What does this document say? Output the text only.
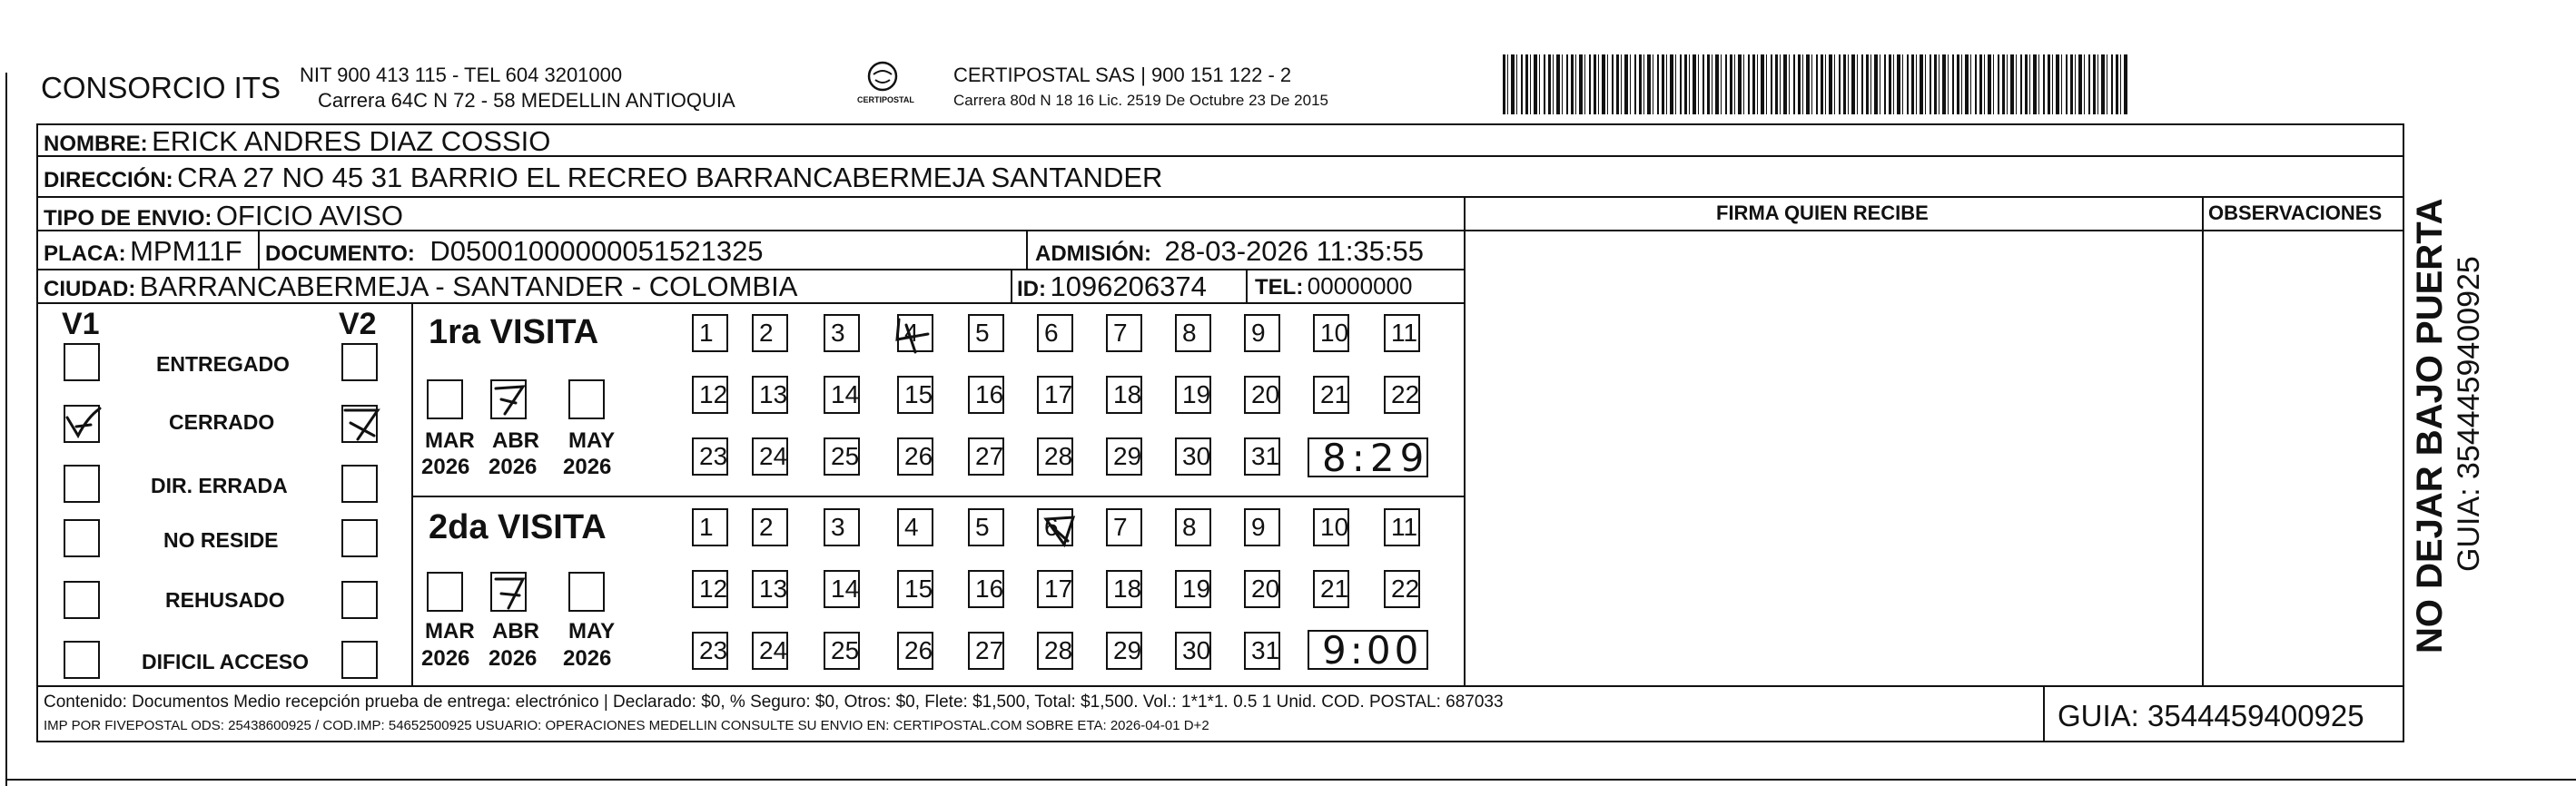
CONSORCIO ITS NIT 900 413 115 - TEL 604 3201000
Carrera 64C N 72 - 58 MEDELLIN ANTIOQUIA	CERTIPOSTAL
CERTIPOSTAL SAS | 900 151 122 - 2
Carrera 80d N 18 16 Lic. 2519 De Octubre 23 De 2015
NOMBRE: ERICK ANDRES DIAZ COSSIO
DIRECCIÓN: CRA 27 NO 45 31 BARRIO EL RECREO BARRANCABERMEJA SANTANDER
TIPO DE ENVIO: OFICIO AVISO	FIRMA QUIEN RECIBE	OBSERVACIONES
PLACA: MPM11F DOCUMENTO: D05001000000051521325	ADMISIÓN: 28-03-2026 11:35:55
CIUDAD: BARRANCABERMEJA - SANTANDER - COLOMBIA	ID: 1096206374 TEL: 00000000
V1	V2
ENTREGADO
CERRADO
DIR. ERRADA
NO RESIDE
REHUSADO
DIFICIL ACCESO
1ra VISITA
MAR
2026
ABR
2026
MAY
2026
1	2	3	4	5	6	7	8	9	10 11
12 13 14 15 16 17 18 19 20 21 22
23 24 25 26 27 28 29 30 31 8:29
2da VISITA
MAR
2026
ABR
2026
MAY
2026
1	2	3	4	5	6	7	8	9	10 11
12 13 14 15 16 17 18 19 20 21 22
23 24 25 26 27 28 29 30 31 9:00
Contenido: Documentos Medio recepción prueba de entrega: electrónico | Declarado: $0, % Seguro: $0, Otros: $0, Flete: $1,500, Total: $1,500. Vol.: 1*1*1. 0.5 1 Unid. COD. POSTAL: 687033
IMP POR FIVEPOSTAL ODS: 25438600925 / COD.IMP: 54652500925 USUARIO: OPERACIONES MEDELLIN CONSULTE SU ENVIO EN: CERTIPOSTAL.COM SOBRE ETA: 2026-04-01 D+2	GUIA: 3544459400925
NO DEJAR BAJO PUERTA GUIA: 3544459400925
